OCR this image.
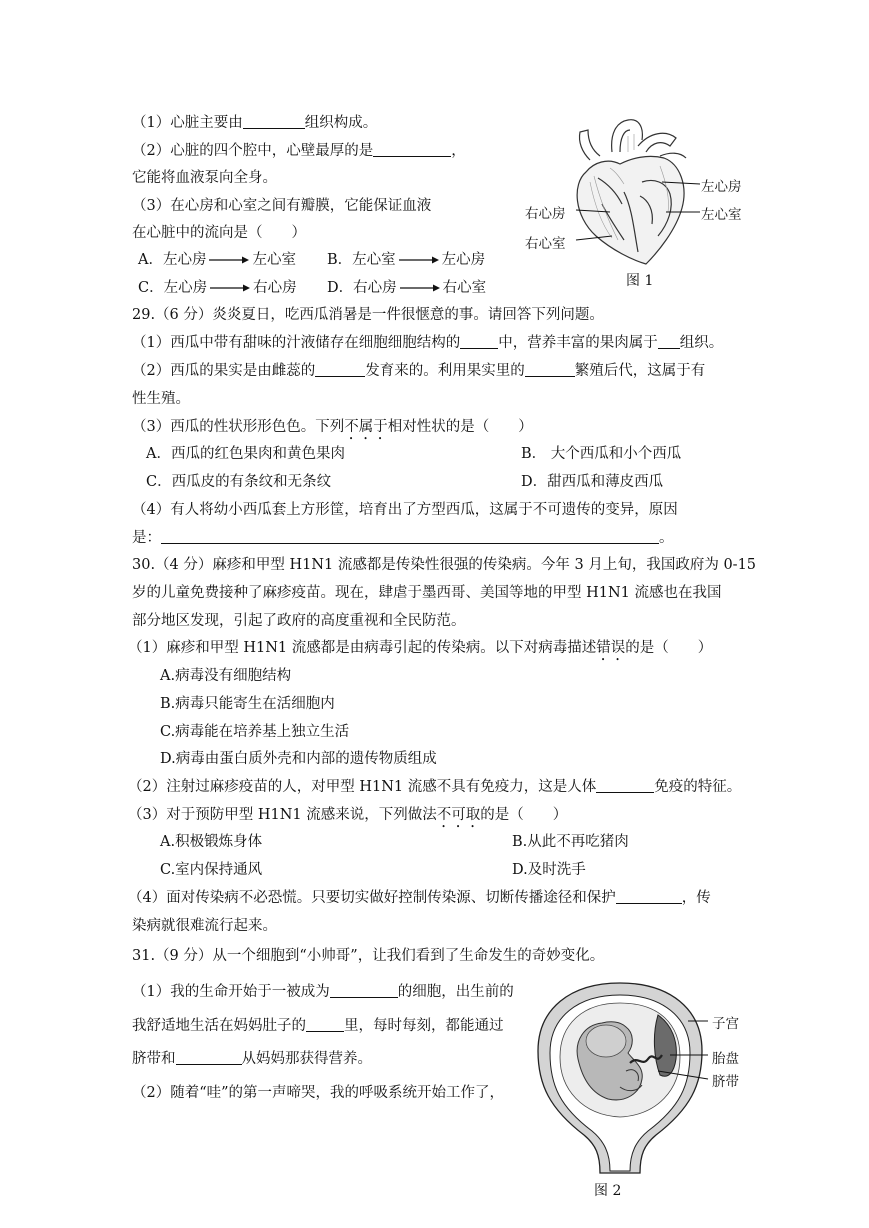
（1）心脏主要由	组织构成。
（2）心脏的四个腔中，心壁最厚的是	，
它能将血液泵向全身。
（3）在心房和心室之间有瓣膜，它能保证血液
在心脏中的流向是（　　）
A．左心房	左心室 B．左心室	左心房
C．左心房	右心房 D．右心房	右心室
左心房
左心室
右心房
右心室
图 1
29.（6 分）炎炎夏日，吃西瓜消暑是一件很惬意的事。请回答下列问题。
（1）西瓜中带有甜味的汁液储存在细胞细胞结构的	中，营养丰富的果肉属于 组织。
（2）西瓜的果实是由雌蕊的	发育来的。利用果实里的	繁殖后代，这属于有
性生殖。
（3）西瓜的性状形形色色。下列不属于相对性状的是（　　）
A．西瓜的红色果肉和黄色果肉	B． 大个西瓜和小个西瓜
C．西瓜皮的有条纹和无条纹	D．甜西瓜和薄皮西瓜
（4）有人将幼小西瓜套上方形筐，培育出了方型西瓜，这属于不可遗传的变异，原因
是：	。
30.（4 分）麻疹和甲型 H1N1 流感都是传染性很强的传染病。今年 3 月上旬，我国政府为 0-15
岁的儿童免费接种了麻疹疫苗。现在，肆虐于墨西哥、美国等地的甲型 H1N1 流感也在我国
部分地区发现，引起了政府的高度重视和全民防范。
（1）麻疹和甲型 H1N1 流感都是由病毒引起的传染病。以下对病毒描述错误的是（　　）
A.病毒没有细胞结构
B.病毒只能寄生在活细胞内
C.病毒能在培养基上独立生活
D.病毒由蛋白质外壳和内部的遗传物质组成
（2）注射过麻疹疫苗的人，对甲型 H1N1 流感不具有免疫力，这是人体	免疫的特征。
（3）对于预防甲型 H1N1 流感来说，下列做法不可取的是（　　）
A.积极锻炼身体	B.从此不再吃猪肉
C.室内保持通风	D.及时洗手
（4）面对传染病不必恐慌。只要切实做好控制传染源、切断传播途径和保护	，传
染病就很难流行起来。
31.（9 分）从一个细胞到“小帅哥”，让我们看到了生命发生的奇妙变化。
（1）我的生命开始于一被成为	的细胞，出生前的
我舒适地生活在妈妈肚子的	里，每时每刻，都能通过
脐带和	从妈妈那获得营养。
（2）随着“哇”的第一声啼哭，我的呼吸系统开始工作了，
子宫
胎盘
脐带
图 2
